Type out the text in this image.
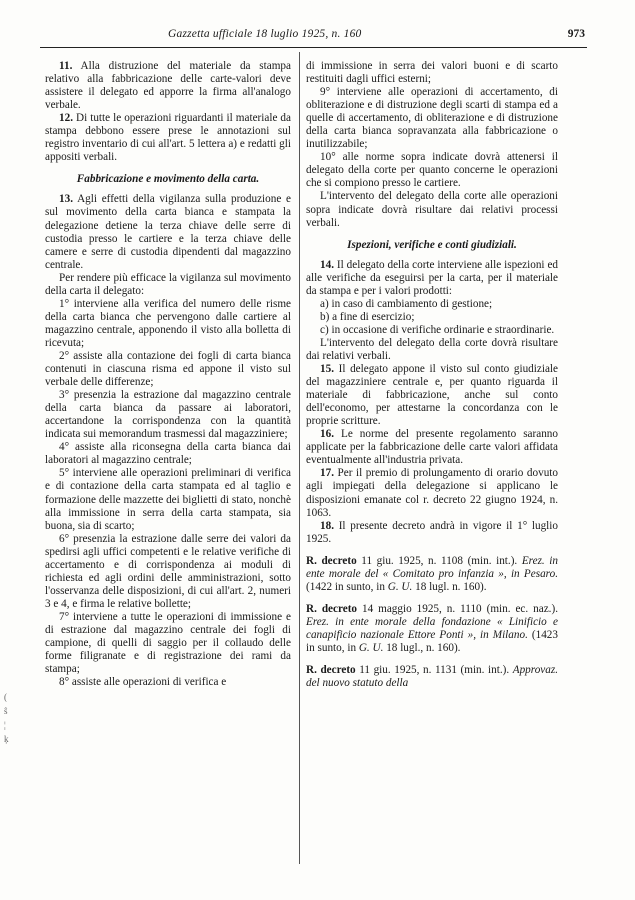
Gazzetta ufficiale 18 luglio 1925, n. 160	973

11. Alla distruzione del materiale da stampa relativo alla fabbricazione delle carte-valori deve assistere il delegato ed apporre la firma all'analogo verbale.

12. Di tutte le operazioni riguardanti il materiale da stampa debbono essere prese le annotazioni sul registro inventario di cui all'art. 5 lettera a) e redatti gli appositi verbali.

Fabbricazione e movimento della carta.

13. Agli effetti della vigilanza sulla produzione e sul movimento della carta bianca e stampata la delegazione detiene la terza chiave delle serre di custodia presso le cartiere e la terza chiave delle camere e serre di custodia dipendenti dal magazzino centrale.

Per rendere più efficace la vigilanza sul movimento della carta il delegato:

1° interviene alla verifica del numero delle risme della carta bianca che pervengono dalle cartiere al magazzino centrale, apponendo il visto alla bolletta di ricevuta;

2° assiste alla contazione dei fogli di carta bianca contenuti in ciascuna risma ed appone il visto sul verbale delle differenze;

3° presenzia la estrazione dal magazzino centrale della carta bianca da passare ai laboratori, accertandone la corrispondenza con la quantità indicata sui memorandum trasmessi dal magazziniere;

4° assiste alla riconsegna della carta bianca dai laboratori al magazzino centrale;

5° interviene alle operazioni preliminari di verifica e di contazione della carta stampata ed al taglio e formazione delle mazzette dei biglietti di stato, nonchè alla immissione in serra della carta stampata, sia buona, sia di scarto;

6° presenzia la estrazione dalle serre dei valori da spedirsi agli uffici competenti e le relative verifiche di accertamento e di corrispondenza ai moduli di richiesta ed agli ordini delle amministrazioni, sotto l'osservanza delle disposizioni, di cui all'art. 2, numeri 3 e 4, e firma le relative bollette;

7° interviene a tutte le operazioni di immissione e di estrazione dal magazzino centrale dei fogli di campione, di quelli di saggio per il collaudo delle forme filigranate e di registrazione dei rami da stampa;

8° assiste alle operazioni di verifica e

di immissione in serra dei valori buoni e di scarto restituiti dagli uffici esterni;

9° interviene alle operazioni di accertamento, di obliterazione e di distruzione degli scarti di stampa ed a quelle di accertamento, di obliterazione e di distruzione della carta bianca sopravanzata alla fabbricazione o inutilizzabile;

10° alle norme sopra indicate dovrà attenersi il delegato della corte per quanto concerne le operazioni che si compiono presso le cartiere.

L'intervento del delegato della corte alle operazioni sopra indicate dovrà risultare dai relativi processi verbali.

Ispezioni, verifiche e conti giudiziali.

14. Il delegato della corte interviene alle ispezioni ed alle verifiche da eseguirsi per la carta, per il materiale da stampa e per i valori prodotti:

a) in caso di cambiamento di gestione;

b) a fine di esercizio;

c) in occasione di verifiche ordinarie e straordinarie.

L'intervento del delegato della corte dovrà risultare dai relativi verbali.

15. Il delegato appone il visto sul conto giudiziale del magazziniere centrale e, per quanto riguarda il materiale di fabbricazione, anche sul conto dell'economo, per attestarne la concordanza con le proprie scritture.

16. Le norme del presente regolamento saranno applicate per la fabbricazione delle carte valori affidata eventualmente all'industria privata.

17. Per il premio di prolungamento di orario dovuto agli impiegati della delegazione si applicano le disposizioni emanate col r. decreto 22 giugno 1924, n. 1063.

18. Il presente decreto andrà in vigore il 1° luglio 1925.

R. decreto 11 giu. 1925, n. 1108 (min. int.). Erez. in ente morale del « Comitato pro infanzia », in Pesaro. (1422 in sunto, in G. U. 18 lugl. n. 160).

R. decreto 14 maggio 1925, n. 1110 (min. ec. naz.). Erez. in ente morale della fondazione « Linificio e canapificio nazionale Ettore Ponti », in Milano. (1423 in sunto, in G. U. 18 lugl., n. 160).

R. decreto 11 giu. 1925, n. 1131 (min. int.). Approvaz. del nuovo statuto della

(
ŝ
¦
ķ
